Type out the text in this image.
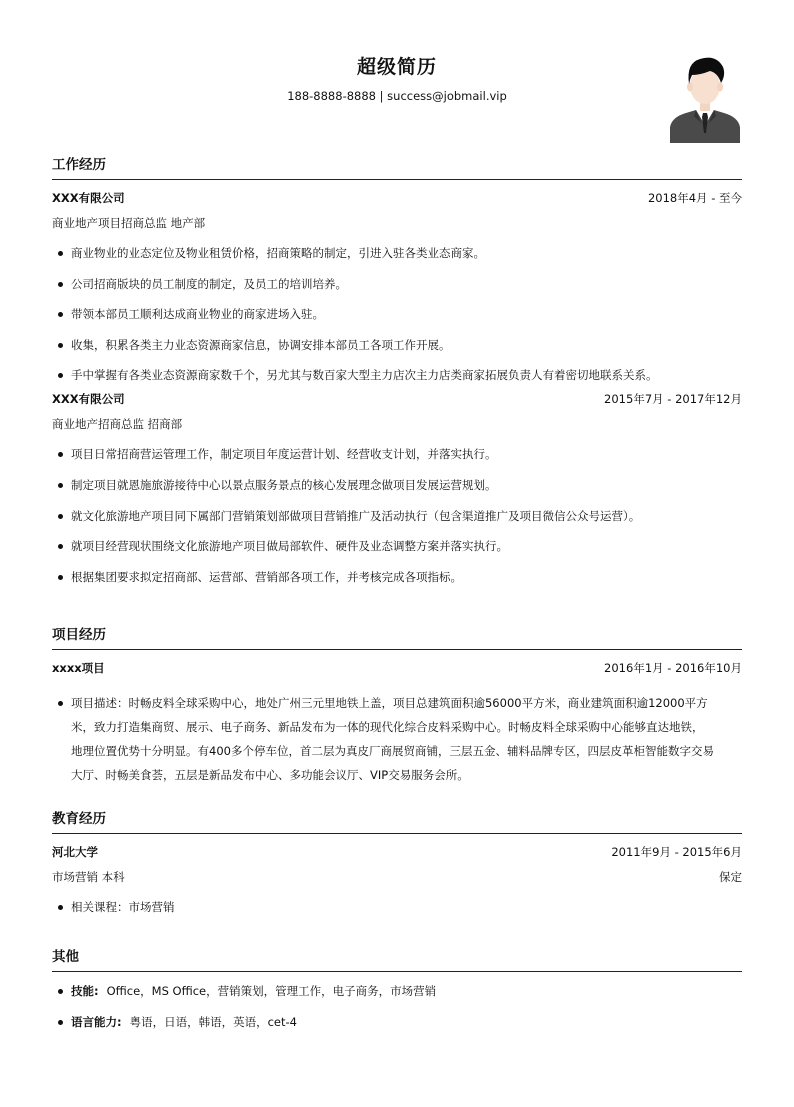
超级简历
188-8888-8888 | success@jobmail.vip
工作经历
XXX有限公司	2018年4月 - 至今
商业地产项目招商总监 地产部
商业物业的业态定位及物业租赁价格，招商策略的制定，引进入驻各类业态商家。
公司招商版块的员工制度的制定，及员工的培训培养。
带领本部员工顺利达成商业物业的商家进场入驻。
收集，积累各类主力业态资源商家信息，协调安排本部员工各项工作开展。
手中掌握有各类业态资源商家数千个，另尤其与数百家大型主力店次主力店类商家拓展负责人有着密切地联系关系。
XXX有限公司	2015年7月 - 2017年12月
商业地产招商总监 招商部
项目日常招商营运管理工作，制定项目年度运营计划、经营收支计划，并落实执行。
制定项目就恩施旅游接待中心以景点服务景点的核心发展理念做项目发展运营规划。
就文化旅游地产项目同下属部门营销策划部做项目营销推广及活动执行（包含渠道推广及项目微信公众号运营）。
就项目经营现状围绕文化旅游地产项目做局部软件、硬件及业态调整方案并落实执行。
根据集团要求拟定招商部、运营部、营销部各项工作，并考核完成各项指标。
项目经历
xxxx项目	2016年1月 - 2016年10月
项目描述：时畅皮料全球采购中心，地处广州三元里地铁上盖，项目总建筑面积逾56000平方米，商业建筑面积逾12000平方
米，致力打造集商贸、展示、电子商务、新品发布为一体的现代化综合皮料采购中心。时畅皮料全球采购中心能够直达地铁，
地理位置优势十分明显。有400多个停车位，首二层为真皮厂商展贸商铺，三层五金、辅料品牌专区，四层皮革柜智能数字交易
大厅、时畅美食荟，五层是新品发布中心、多功能会议厅、VIP交易服务会所。
教育经历
河北大学	2011年9月 - 2015年6月
市场营销 本科	保定
相关课程：市场营销
其他
技能: Office，MS Office，营销策划，管理工作，电子商务，市场营销
语言能力: 粤语，日语，韩语，英语，cet-4
